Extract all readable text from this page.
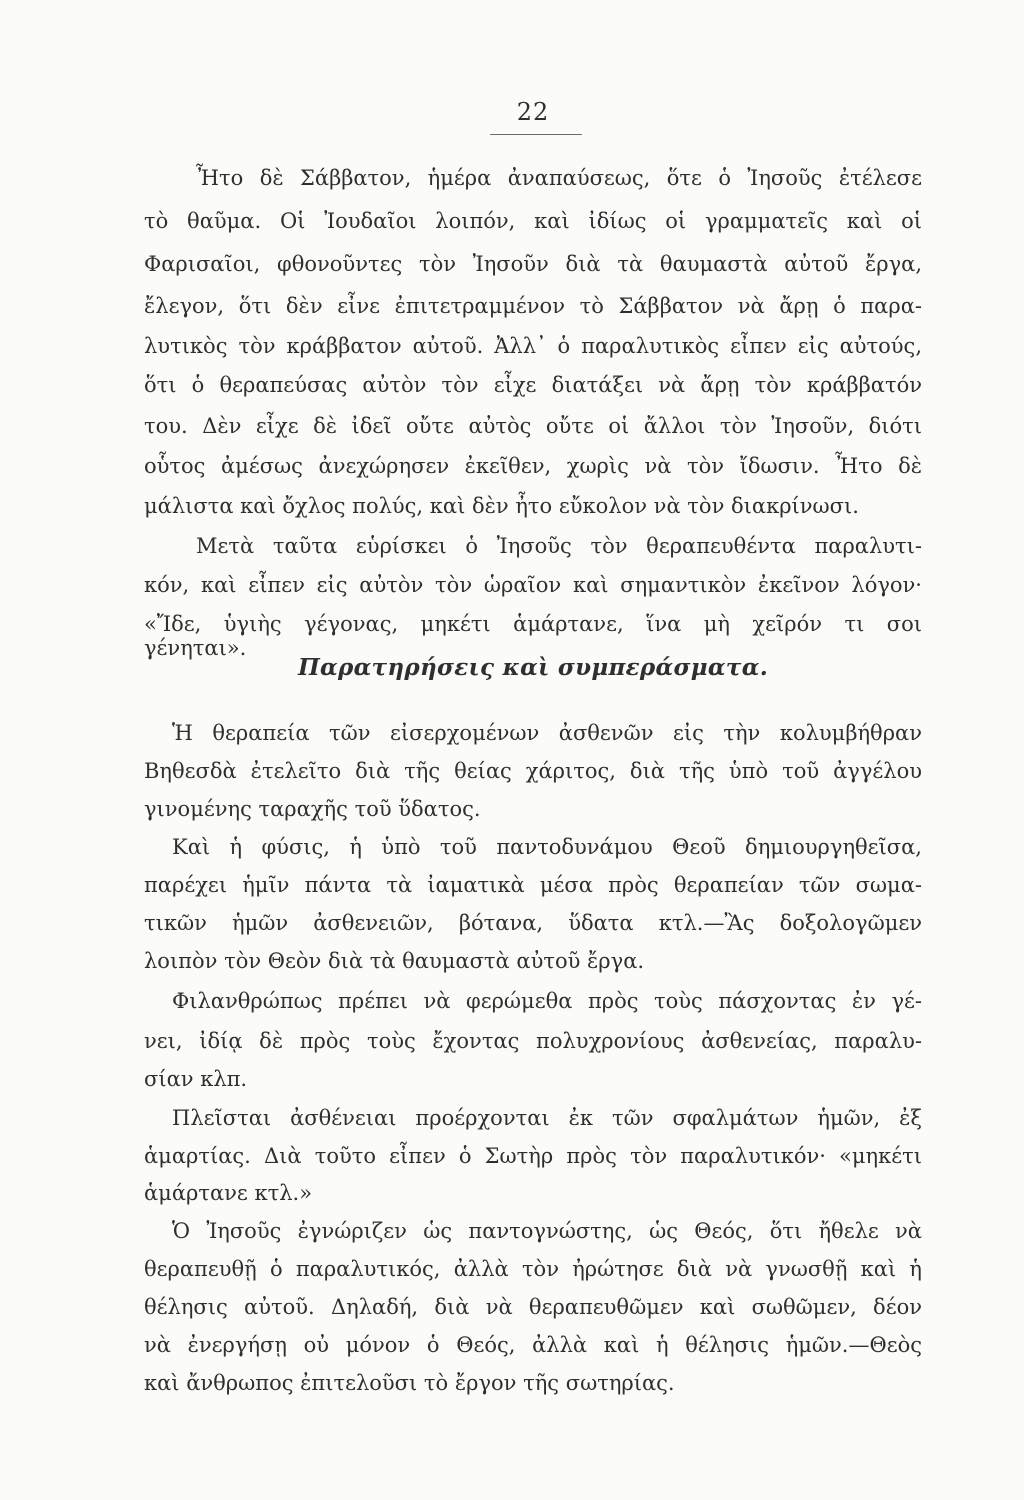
22
Ἦτο δὲ Σάββατον, ἡμέρα ἀναπαύσεως, ὅτε ὁ Ἰησοῦς ἐτέλεσε
τὸ θαῦμα. Οἱ Ἰουδαῖοι λοιπόν, καὶ ἰδίως οἱ γραμματεῖς καὶ οἱ
Φαρισαῖοι, φθονοῦντες τὸν Ἰησοῦν διὰ τὰ θαυμαστὰ αὐτοῦ ἔργα,
ἔλεγον, ὅτι δὲν εἶνε ἐπιτετραμμένον τὸ Σάββατον νὰ ἄρῃ ὁ παρα-
λυτικὸς τὸν κράββατον αὐτοῦ. Ἀλλ᾽ ὁ παραλυτικὸς εἶπεν εἰς αὐτούς,
ὅτι ὁ θεραπεύσας αὐτὸν τὸν εἶχε διατάξει νὰ ἄρῃ τὸν κράββατόν
του. Δὲν εἶχε δὲ ἰδεῖ οὔτε αὐτὸς οὔτε οἱ ἄλλοι τὸν Ἰησοῦν, διότι
οὗτος ἀμέσως ἀνεχώρησεν ἐκεῖθεν, χωρὶς νὰ τὸν ἴδωσιν. Ἦτο δὲ
μάλιστα καὶ ὄχλος πολύς, καὶ δὲν ἦτο εὔκολον νὰ τὸν διακρίνωσι.
Μετὰ ταῦτα εὑρίσκει ὁ Ἰησοῦς τὸν θεραπευθέντα παραλυτι-
κόν, καὶ εἶπεν εἰς αὐτὸν τὸν ὡραῖον καὶ σημαντικὸν ἐκεῖνον λόγον·
«Ἴδε, ὑγιὴς γέγονας, μηκέτι ἁμάρτανε, ἵνα μὴ χεῖρόν τι σοι
γένηται».
Παρατηρήσεις καὶ συμπεράσματα.
Ἡ θεραπεία τῶν εἰσερχομένων ἀσθενῶν εἰς τὴν κολυμβήθραν
Βηθεσδὰ ἐτελεῖτο διὰ τῆς θείας χάριτος, διὰ τῆς ὑπὸ τοῦ ἀγγέλου
γινομένης ταραχῆς τοῦ ὕδατος.
Καὶ ἡ φύσις, ἡ ὑπὸ τοῦ παντοδυνάμου Θεοῦ δημιουργηθεῖσα,
παρέχει ἡμῖν πάντα τὰ ἰαματικὰ μέσα πρὸς θεραπείαν τῶν σωμα-
τικῶν ἡμῶν ἀσθενειῶν, βότανα, ὕδατα κτλ.—Ἂς δοξολογῶμεν
λοιπὸν τὸν Θεὸν διὰ τὰ θαυμαστὰ αὐτοῦ ἔργα.
Φιλανθρώπως πρέπει νὰ φερώμεθα πρὸς τοὺς πάσχοντας ἐν γέ-
νει, ἰδίᾳ δὲ πρὸς τοὺς ἔχοντας πολυχρονίους ἀσθενείας, παραλυ-
σίαν κλπ.
Πλεῖσται ἀσθένειαι προέρχονται ἐκ τῶν σφαλμάτων ἡμῶν, ἐξ
ἁμαρτίας. Διὰ τοῦτο εἶπεν ὁ Σωτὴρ πρὸς τὸν παραλυτικόν· «μηκέτι
ἁμάρτανε κτλ.»
Ὁ Ἰησοῦς ἐγνώριζεν ὡς παντογνώστης, ὡς Θεός, ὅτι ἤθελε νὰ
θεραπευθῇ ὁ παραλυτικός, ἀλλὰ τὸν ἠρώτησε διὰ νὰ γνωσθῇ καὶ ἡ
θέλησις αὐτοῦ. Δηλαδή, διὰ νὰ θεραπευθῶμεν καὶ σωθῶμεν, δέον
νὰ ἐνεργήσῃ οὐ μόνον ὁ Θεός, ἀλλὰ καὶ ἡ θέλησις ἡμῶν.—Θεὸς
καὶ ἄνθρωπος ἐπιτελοῦσι τὸ ἔργον τῆς σωτηρίας.
